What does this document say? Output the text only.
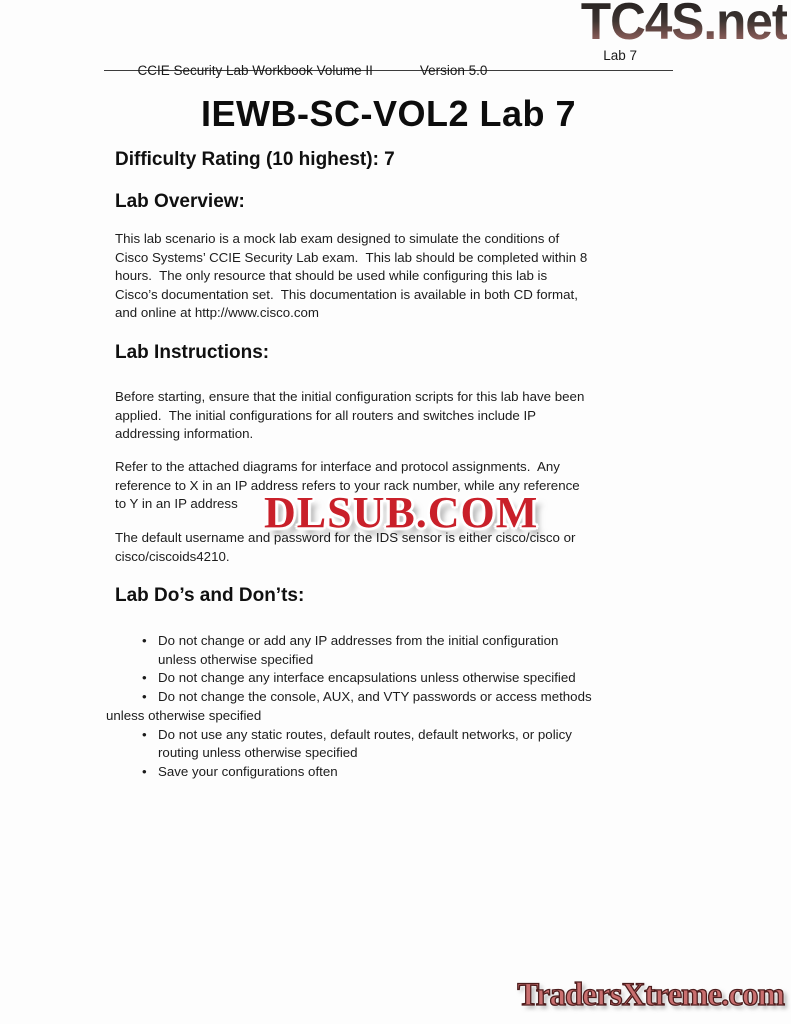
TC4S.net

CCIE Security Lab Workbook Volume II	Version 5.0

Lab 7
IEWB-SC-VOL2 Lab 7
Difficulty Rating (10 highest): 7
Lab Overview:
This lab scenario is a mock lab exam designed to simulate the conditions of
Cisco Systems’ CCIE Security Lab exam.  This lab should be completed within 8
hours.  The only resource that should be used while configuring this lab is
Cisco’s documentation set.  This documentation is available in both CD format,
and online at http://www.cisco.com
Lab Instructions:
Before starting, ensure that the initial configuration scripts for this lab have been
applied.  The initial configurations for all routers and switches include IP
addressing information.
Refer to the attached diagrams for interface and protocol assignments.  Any
reference to X in an IP address refers to your rack number, while any reference
to Y in an IP address DLSUB.COM
The default username and password for the IDS sensor is either cisco/cisco or
cisco/ciscoids4210.
Lab Do’s and Don’ts:
• Do not change or add any IP addresses from the initial configuration
unless otherwise specified
• Do not change any interface encapsulations unless otherwise specified
• Do not change the console, AUX, and VTY passwords or access methods
unless otherwise specified
• Do not use any static routes, default routes, default networks, or policy
routing unless otherwise specified
• Save your configurations often
TradersXtreme.com
